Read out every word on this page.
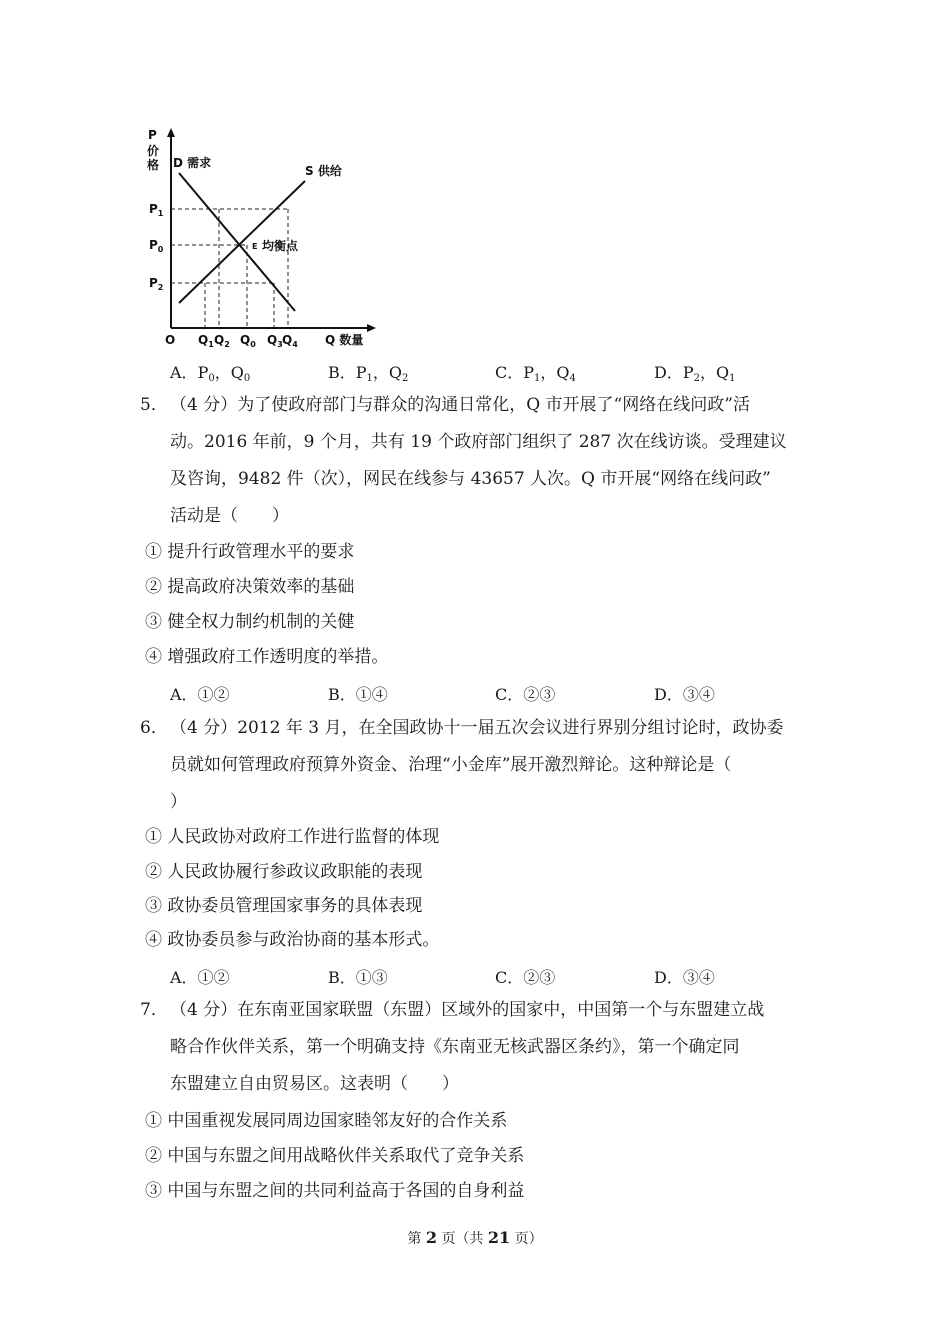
P
价
格 D 需求
S 供给
E 均衡点
$P_1$
$P_0$
$P_2$
O $Q_1$ $Q_2$ $Q_0$ $Q_3$ $Q_4$ Q 数量
A．$P_0$，$Q_0$	B．$P_1$，$Q_2$	C．$P_1$，$Q_4$	D．$P_2$，$Q_1$
5． （4 分）为了使政府部门与群众的沟通日常化，Q 市开展了“网络在线问政”活
动。2016 年前，9 个月，共有 19 个政府部门组织了 287 次在线访谈。受理建议
及咨询，9482 件（次），网民在线参与 43657 人次。Q 市开展“网络在线问政”
活动是（　　）
① 提升行政管理水平的要求
② 提高政府决策效率的基础
③ 健全权力制约机制的关健
④ 增强政府工作透明度的举措。
A．①②	B．①④	C．②③	D．③④
6． （4 分）2012 年 3 月，在全国政协十一届五次会议进行界别分组讨论时，政协委
员就如何管理政府预算外资金、治理“小金库”展开激烈辩论。这种辩论是（
）
① 人民政协对政府工作进行监督的体现
② 人民政协履行参政议政职能的表现
③ 政协委员管理国家事务的具体表现
④ 政协委员参与政治协商的基本形式。
A．①②	B．①③	C．②③	D．③④
7． （4 分）在东南亚国家联盟（东盟）区域外的国家中，中国第一个与东盟建立战
略合作伙伴关系，第一个明确支持《东南亚无核武器区条约》，第一个确定同
东盟建立自由贸易区。这表明（　　）
① 中国重视发展同周边国家睦邻友好的合作关系
② 中国与东盟之间用战略伙伴关系取代了竞争关系
③ 中国与东盟之间的共同利益高于各国的自身利益
第 2 页（共 21 页）
